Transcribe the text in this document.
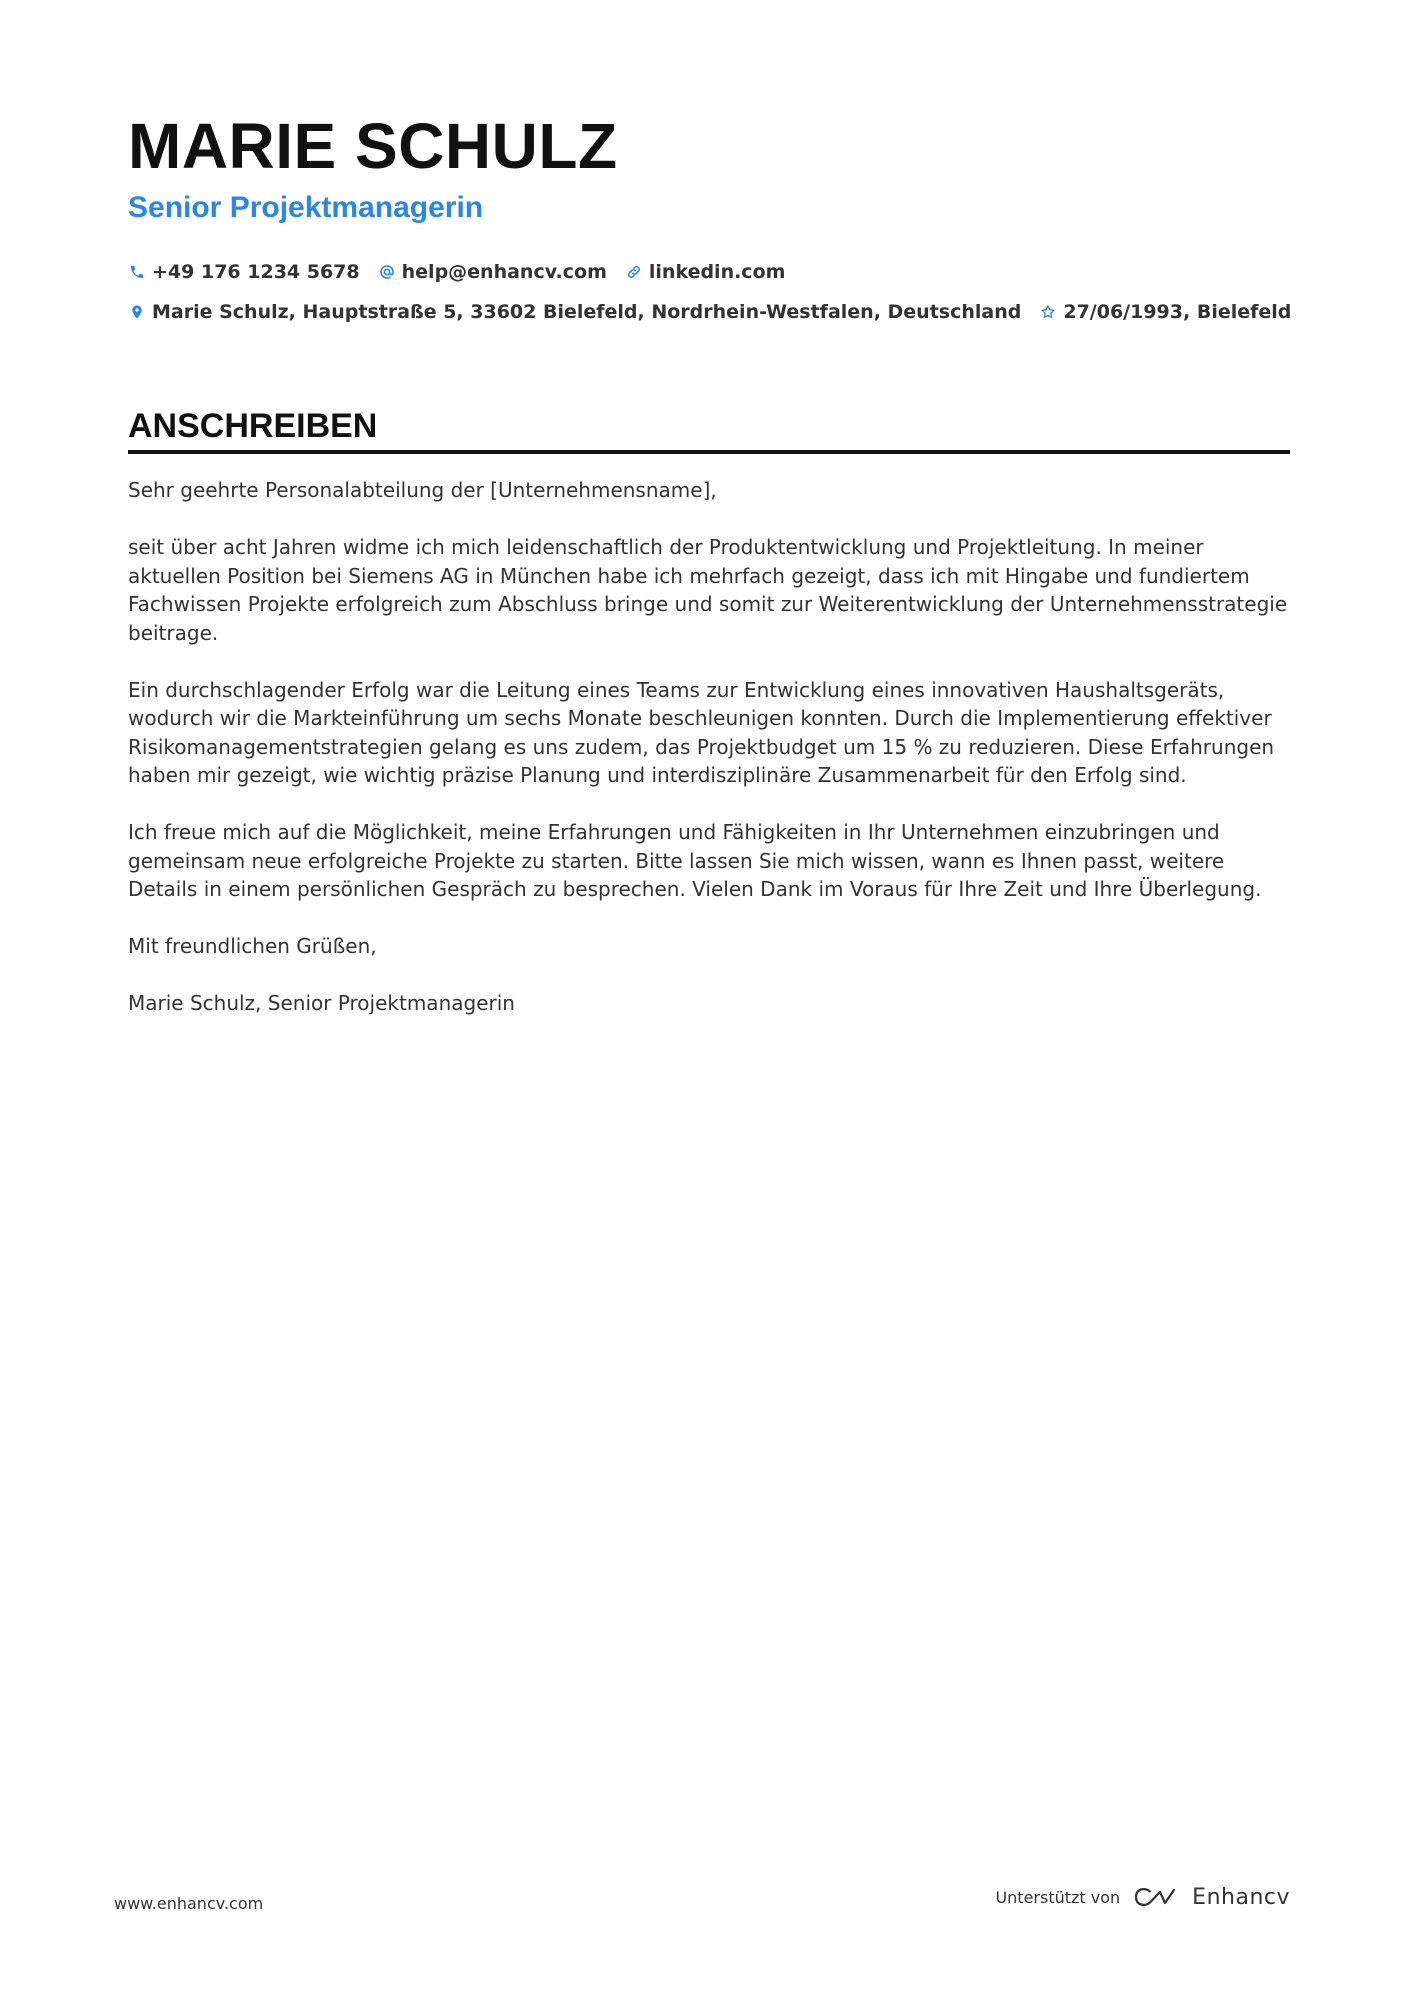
MARIE SCHULZ
Senior Projektmanagerin
+49 176 1234 5678 help@enhancv.com linkedin.com
Marie Schulz, Hauptstraße 5, 33602 Bielefeld, Nordrhein-Westfalen, Deutschland 27/06/1993, Bielefeld
ANSCHREIBEN

Sehr geehrte Personalabteilung der [Unternehmensname],

seit über acht Jahren widme ich mich leidenschaftlich der Produktentwicklung und Projektleitung. In meiner aktuellen Position bei Siemens AG in München habe ich mehrfach gezeigt, dass ich mit Hingabe und fundiertem Fachwissen Projekte erfolgreich zum Abschluss bringe und somit zur Weiterentwicklung der Unternehmensstrategie beitrage.

Ein durchschlagender Erfolg war die Leitung eines Teams zur Entwicklung eines innovativen Haushaltsgeräts, wodurch wir die Markteinführung um sechs Monate beschleunigen konnten. Durch die Implementierung effektiver Risikomanagementstrategien gelang es uns zudem, das Projektbudget um 15 % zu reduzieren. Diese Erfahrungen haben mir gezeigt, wie wichtig präzise Planung und interdisziplinäre Zusammenarbeit für den Erfolg sind.

Ich freue mich auf die Möglichkeit, meine Erfahrungen und Fähigkeiten in Ihr Unternehmen einzubringen und gemeinsam neue erfolgreiche Projekte zu starten. Bitte lassen Sie mich wissen, wann es Ihnen passt, weitere Details in einem persönlichen Gespräch zu besprechen. Vielen Dank im Voraus für Ihre Zeit und Ihre Überlegung.

Mit freundlichen Grüßen,

Marie Schulz, Senior Projektmanagerin

www.enhancv.com	Unterstützt von	Enhancv
